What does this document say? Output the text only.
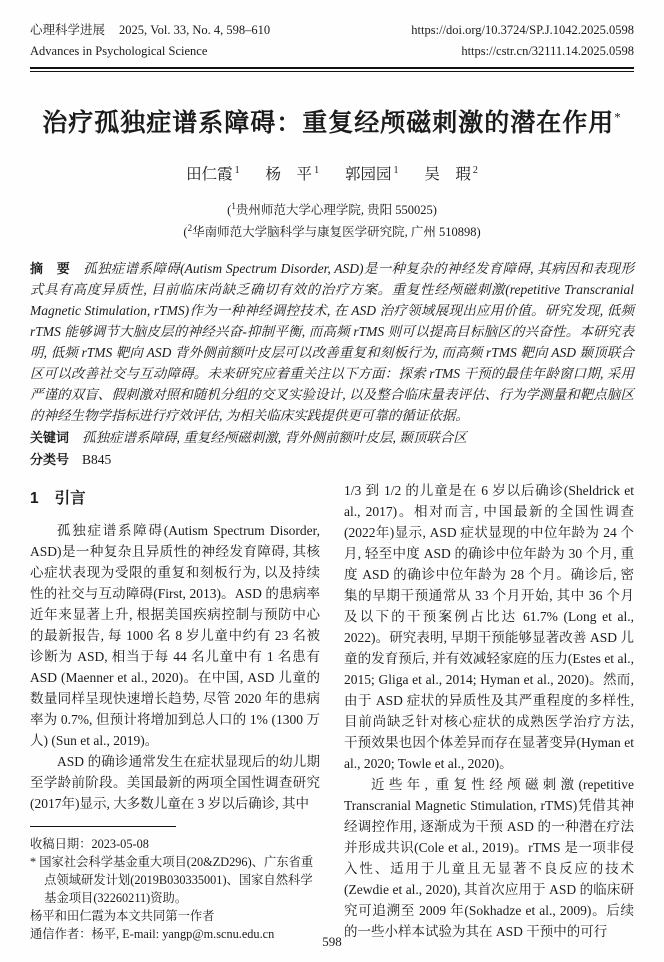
心理科学进展 2025, Vol. 33, No. 4, 598–610
Advances in Psychological Science
https://doi.org/10.3724/SP.J.1042.2025.0598
https://cstr.cn/32111.14.2025.0598
治疗孤独症谱系障碍：重复经颅磁刺激的潜在作用*
田仁霞 $^1$ 杨　平 $^1$ 郭园园 $^1$ 吴　瑕 $^2$
($^1$贵州师范大学心理学院, 贵阳 550025)
($^2$华南师范大学脑科学与康复医学研究院, 广州 510898)

摘　要 孤独症谱系障碍(Autism Spectrum Disorder, ASD)是一种复杂的神经发育障碍, 其病因和表现形式具有高度异质性, 目前临床尚缺乏确切有效的治疗方案。重复性经颅磁刺激(repetitive Transcranial Magnetic Stimulation, rTMS)作为一种神经调控技术, 在 ASD 治疗领域展现出应用价值。研究发现, 低频 rTMS 能够调节大脑皮层的神经兴奋-抑制平衡, 而高频 rTMS 则可以提高目标脑区的兴奋性。本研究表明, 低频 rTMS 靶向 ASD 背外侧前额叶皮层可以改善重复和刻板行为, 而高频 rTMS 靶向 ASD 颞顶联合区可以改善社交与互动障碍。未来研究应着重关注以下方面：探索 rTMS 干预的最佳年龄窗口期, 采用严谨的双盲、假刺激对照和随机分组的交叉实验设计, 以及整合临床量表评估、行为学测量和靶点脑区的神经生物学指标进行疗效评估, 为相关临床实践提供更可靠的循证依据。

关键词 孤独症谱系障碍, 重复经颅磁刺激, 背外侧前额叶皮层, 颞顶联合区

分类号 B845

1 引言

孤独症谱系障碍(Autism Spectrum Disorder, ASD)是一种复杂且异质性的神经发育障碍, 其核心症状表现为受限的重复和刻板行为, 以及持续性的社交与互动障碍(First, 2013)。ASD 的患病率近年来显著上升, 根据美国疾病控制与预防中心的最新报告, 每 1000 名 8 岁儿童中约有 23 名被诊断为 ASD, 相当于每 44 名儿童中有 1 名患有 ASD (Maenner et al., 2020)。在中国, ASD 儿童的数量同样呈现快速增长趋势, 尽管 2020 年的患病率为 0.7%, 但预计将增加到总人口的 1% (1300 万人) (Sun et al., 2019)。

ASD 的确诊通常发生在症状显现后的幼儿期至学龄前阶段。美国最新的两项全国性调查研究(2017年)显示, 大多数儿童在 3 岁以后确诊, 其中

收稿日期：2023-05-08
* 国家社会科学基金重大项目(20&ZD296)、广东省重点领域研发计划(2019B030335001)、国家自然科学基金项目(32260211)资助。
杨平和田仁霞为本文共同第一作者
通信作者：杨平, E-mail: yangp@m.scnu.edu.cn

1/3 到 1/2 的儿童是在 6 岁以后确诊(Sheldrick et al., 2017)。相对而言, 中国最新的全国性调查(2022年)显示, ASD 症状显现的中位年龄为 24 个月, 轻至中度 ASD 的确诊中位年龄为 30 个月, 重度 ASD 的确诊中位年龄为 28 个月。确诊后, 密集的早期干预通常从 33 个月开始, 其中 36 个月及以下的干预案例占比达 61.7% (Long et al., 2022)。研究表明, 早期干预能够显著改善 ASD 儿童的发育预后, 并有效减轻家庭的压力(Estes et al., 2015; Gliga et al., 2014; Hyman et al., 2020)。然而, 由于 ASD 症状的异质性及其严重程度的多样性, 目前尚缺乏针对核心症状的成熟医学治疗方法, 干预效果也因个体差异而存在显著变异(Hyman et al., 2020; Towle et al., 2020)。

近些年, 重复性经颅磁刺激(repetitive Transcranial Magnetic Stimulation, rTMS)凭借其神经调控作用, 逐渐成为干预 ASD 的一种潜在疗法并形成共识(Cole et al., 2019)。rTMS 是一项非侵入性、适用于儿童且无显著不良反应的技术(Zewdie et al., 2020), 其首次应用于 ASD 的临床研究可追溯至 2009 年(Sokhadze et al., 2009)。后续的一些小样本试验为其在 ASD 干预中的可行

598
